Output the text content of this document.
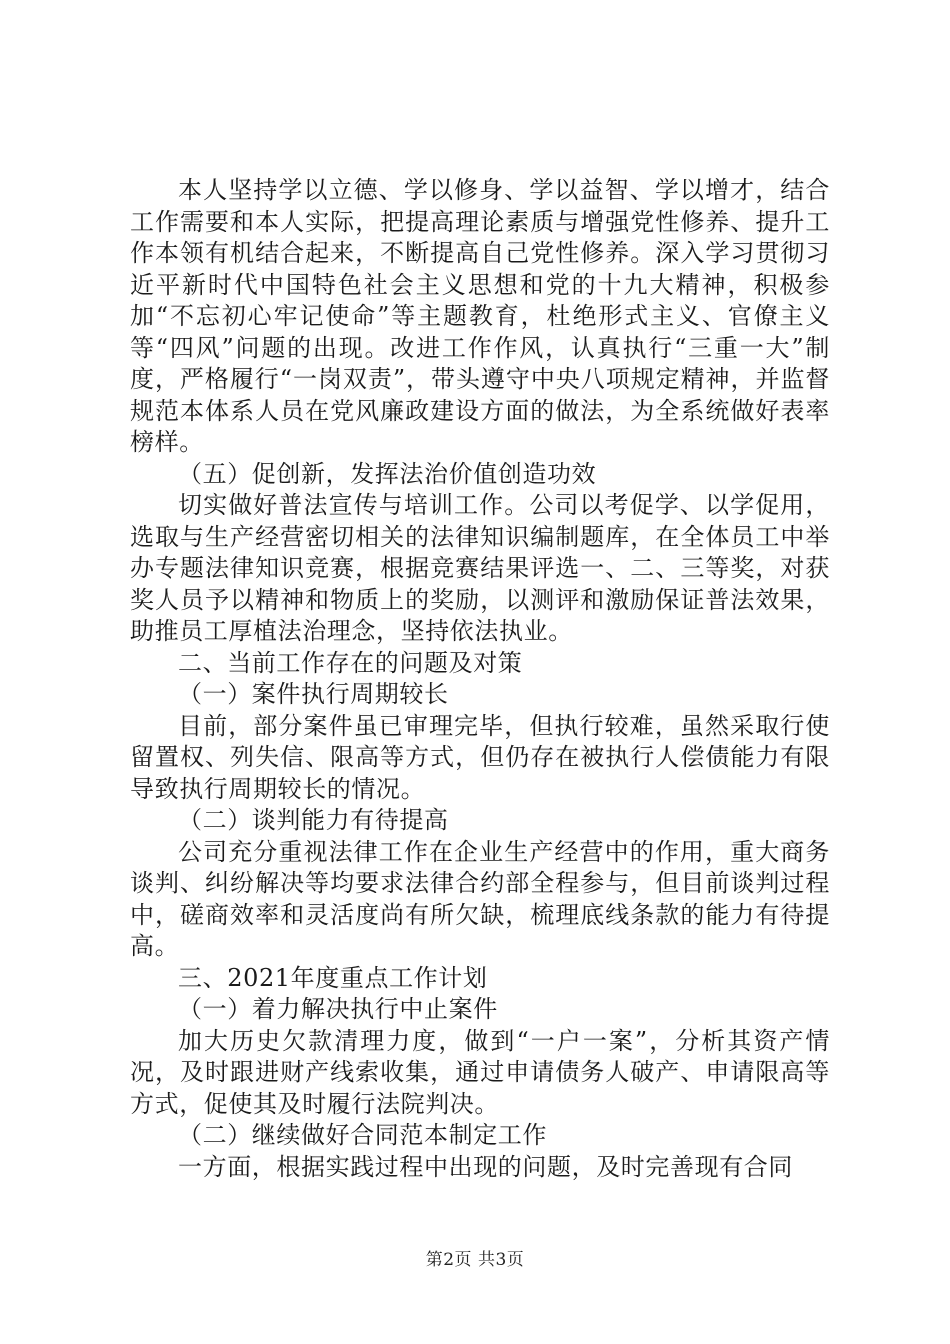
本人坚持学以立德、学以修身、学以益智、学以增才，结合工作需要和本人实际，把提高理论素质与增强党性修养、提升工作本领有机结合起来，不断提高自己党性修养。深入学习贯彻习近平新时代中国特色社会主义思想和党的十九大精神，积极参加“不忘初心牢记使命”等主题教育，杜绝形式主义、官僚主义等“四风”问题的出现。改进工作作风，认真执行“三重一大”制度，严格履行“一岗双责”，带头遵守中央八项规定精神，并监督规范本体系人员在党风廉政建设方面的做法，为全系统做好表率榜样。

（五）促创新，发挥法治价值创造功效

切实做好普法宣传与培训工作。公司以考促学、以学促用，选取与生产经营密切相关的法律知识编制题库，在全体员工中举办专题法律知识竞赛，根据竞赛结果评选一、二、三等奖，对获奖人员予以精神和物质上的奖励，以测评和激励保证普法效果，助推员工厚植法治理念，坚持依法执业。

二、当前工作存在的问题及对策

（一）案件执行周期较长

目前，部分案件虽已审理完毕，但执行较难，虽然采取行使留置权、列失信、限高等方式，但仍存在被执行人偿债能力有限导致执行周期较长的情况。

（二）谈判能力有待提高

公司充分重视法律工作在企业生产经营中的作用，重大商务谈判、纠纷解决等均要求法律合约部全程参与，但目前谈判过程中，磋商效率和灵活度尚有所欠缺，梳理底线条款的能力有待提高。

三、2021年度重点工作计划

（一）着力解决执行中止案件

加大历史欠款清理力度，做到“一户一案”，分析其资产情况，及时跟进财产线索收集，通过申请债务人破产、申请限高等方式，促使其及时履行法院判决。

（二）继续做好合同范本制定工作

一方面，根据实践过程中出现的问题，及时完善现有合同

第2页 共3页
